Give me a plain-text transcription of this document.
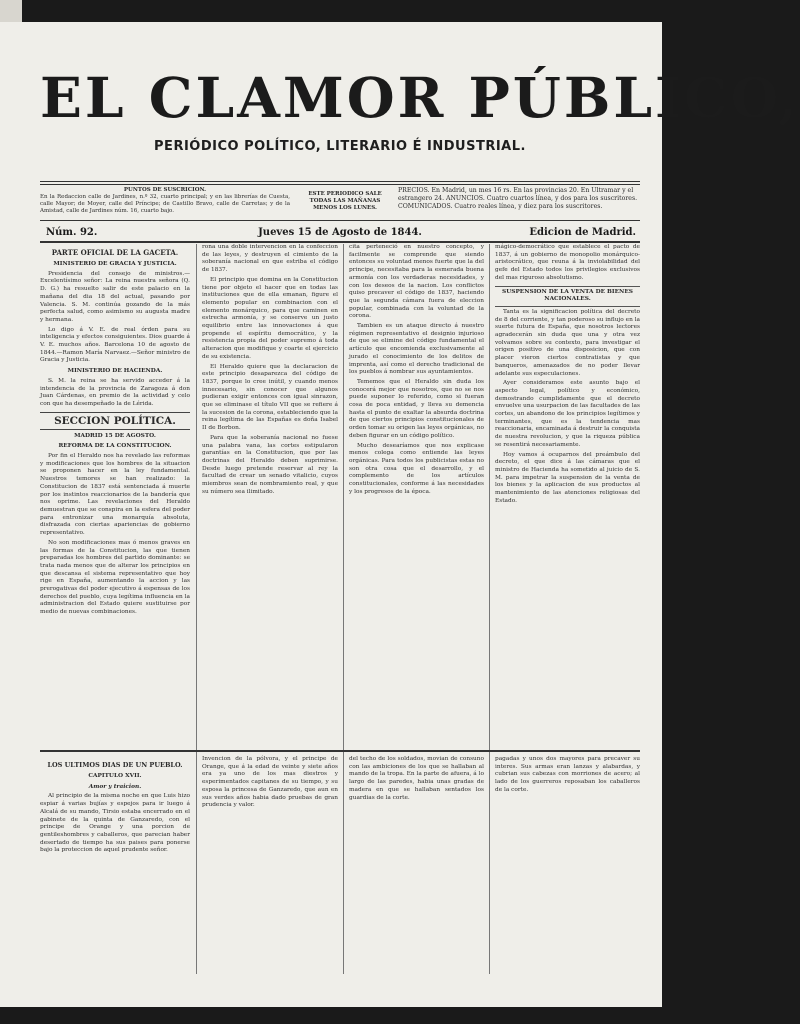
EL CLAMOR PÚBLICO,
PERIÓDICO POLÍTICO, LITERARIO É INDUSTRIAL.
PUNTOS DE SUSCRICION.
En la Redaccion calle de Jardines, n.º 32, cuarto principal; y en las librerías de Cuesta, calle Mayor; de Moyer, calle del Príncipe; de Castillo Bravo, calle de Carretas; y de la Amistad, calle de Jardines núm. 16, cuarto bajo.
ESTE PERIODICO SALE TODAS LAS MAÑANAS MENOS LOS LUNES.
PRECIOS. En Madrid, un mes 16 rs. En las provincias 20. En Ultramar y el estrangero 24. ANUNCIOS. Cuatro cuartos línea, y dos para los suscritores. COMUNICADOS. Cuatro reales línea, y diez para los suscritores.
Núm. 92.	Jueves 15 de Agosto de 1844.	Edicion de Madrid.
PARTE OFICIAL DE LA GACETA.
MINISTERIO DE GRACIA Y JUSTICIA.

Presidencia del consejo de ministros.—Excelentísimo señor: La reina nuestra señora (Q. D. G.) ha resuelto salir de este palacio en la mañana del dia 18 del actual, pasando por Valencia. S. M. continúa gozando de la más perfecta salud, como asimismo su augusta madre y hermana.

Lo digo á V. E. de real órden para su inteligencia y efectos consiguientes. Dios guarde á V. E. muchos años. Barcelona 10 de agosto de 1844.—Ramon María Narvaez.—Señor ministro de Gracia y Justicia.

MINISTERIO DE HACIENDA.

S. M. la reina se ha servido acceder á la intendencia de la provincia de Zaragoza á don Juan Cárdenas, en premio de la actividad y celo con que ha desempeñado la de Lérida.

SECCION POLÍTICA.
MADRID 15 DE AGOSTO.
REFORMA DE LA CONSTITUCION.

Por fin el Heraldo nos ha revelado las reformas y modificaciones que los hombres de la situacion se proponen hacer en la ley fundamental. Nuestros temores se han realizado: la Constitucion de 1837 está sentenciada á muerte por los instintos reaccionarios de la bandería que nos oprime. Las revelaciones del Heraldo demuestran que se conspira en la esfera del poder para entronizar una monarquía absoluta, disfrazada con ciertas apariencias de gobierno representativo.

No son modificaciones mas ó menos graves en las formas de la Constitucion, las que tienen preparadas los hombres del partido dominante: se trata nada menos que de alterar los principios en que descansa el sistema representativo que hoy rige en España, aumentando la accion y las prerogativas del poder ejecutivo á espensas de los derechos del pueblo, cuya legítima influencia en la administracion del Estado quiere sustituirse por medio de nuevas combinaciones.

LOS ULTIMOS DIAS DE UN PUEBLO.
CAPITULO XVII.
Amor y traicion.

Al principio de la misma noche en que Luis hizo espiar á varias bujías y espejos para ir luego á Alcalá de su mando, Tirsio estaba encerrado en el gabinete de la quinta de Ganzaredo, con el principe de Orange y una porcion de gentileshombres y caballeros, que parecian haber desertado de tiempo ha sus paises para ponerse bajo la proteccion de aquel prudente señor.

rona una doble intervencion en la confeccion de las leyes, y destruyen el cimiento de la soberanía nacional en que estriba el código de 1837.

El principio que domina en la Constitucion tiene por objeto el hacer que en todas las instituciones que de ella emanan, figure el elemento popular en combinacion con el elemento monárquico, para que caminen en estrecha armonía, y se conserve un justo equilibrio entre las innovaciones á que propende el espíritu democrático, y la resistencia propia del poder supremo á toda alteracion que modifique y coarte el ejercicio de su existencia.

El Heraldo quiere que la declaracion de este principio desaparezca del código de 1837, porque lo cree inútil, y cuando menos innecesario, sin conocer que algunos pudieran exigir entonces con igual sinrazon, que se eliminase el título VII que se refiere á la sucesion de la corona, estableciendo que la reina legítima de las Españas es doña Isabel II de Borbon.

Para que la soberanía nacional no fuese una palabra vana, las cortes estipularon garantías en la Constitucion, que por las doctrinas del Heraldo deben suprimirse. Desde luego pretende reservar al rey la facultad de crear un senado vitalicio, cuyos miembros sean de nombramiento real, y que su número sea ilimitado.

Invencion de la pólvora, y el principe de Orange, que á la edad de veinte y siete años era ya uno de los mas diestros y esperimentados capitanes de su tiempo, y su esposa la princesa de Ganzaredo, que aun en sus verdes años habia dado pruebas de gran prudencia y valor.

cita perteneció en nuestro concepto, y facilmente se comprende que siendo entonces su voluntad menos fuerte que la del principe, necesitaba para la esmerada buena armonía con los verdaderas necesidades, y con los deseos de la nacion. Los conflictos quiso precaver el código de 1837, haciendo que la segunda cámara fuera de eleccion popular, combinada con la voluntad de la corona.

Tambien es un ataque directo á nuestro régimen representativo el designio injurioso de que se elimine del código fundamental el artículo que encomienda exclusivamente al jurado el conocimiento de los delitos de imprenta, así como el derecho tradicional de los pueblos á nombrar sus ayuntamientos.

Tememos que el Heraldo sin duda los conocerá mejor que nosotros, que no se nos puede suponer lo referido, como si fueran cosa de poca entidad, y lleva su demencia hasta el punto de exaltar la absurda doctrina de que ciertos principios constitucionales de orden tomar su origen las leyes orgánicas, no deben figurar en un código político.

Mucho desearíamos que nos explicase menos colega como entiende las leyes orgánicas. Para todos los publicistas estas no son otra cosa que el desarrollo, y el complemento de los artículos constitucionales, conforme á las necesidades y los progresos de la época.

del techo de los soldados, movian de consuno con las ambiciones de los que se hallaban al mando de la tropa. En la parte de afuera, á lo largo de las paredes, habia unas gradas de madera en que se hallaban sentados los guardias de la corte.

mágico-democrático que establece el pacto de 1837, á un gobierno de monopolio monárquico-aristocrático, que reuna á la inviolabilidad del gefe del Estado todos los privilegios exclusivos del mas riguroso absolutismo.

SUSPENSION DE LA VENTA DE BIENES NACIONALES.

Tanta es la significacion política del decreto de 8 del corriente, y tan poderoso su influjo en la suerte futura de España, que nosotros lectores agradecerán sin duda que una y otra vez volvamos sobre su contexto, para investigar el origen positivo de una disposicion, que con placer vieron ciertos contratistas y que banqueros, amenazados de no poder llevar adelante sus especulaciones.

Ayer consideramos este asunto bajo el aspecto legal, político y económico, demostrando cumplidamente que el decreto envuelve una usurpacion de las facultades de las cortes, un abandono de los principios legítimos y terminantes, que es la tendencia mas reaccionaria, encaminada á destruir la conquista de nuestra revolucion, y que la riqueza pública se resentirá necesariamente.

Hoy vamos á ocuparnos del preámbulo del decreto, el que dice á las cámaras que el ministro de Hacienda ha sometido al juicio de S. M. para impetrar la suspension de la venta de los bienes y la aplicacion de sus productos al mantenimiento de las atenciones religiosas del Estado.

pagadas y unos dos mayores para precaver su interes. Sus armas eran lanzas y alabardas, y cubrian sus cabezas con morriones de acero; al lado de los guerreros reposaban los caballeros de la corte.
